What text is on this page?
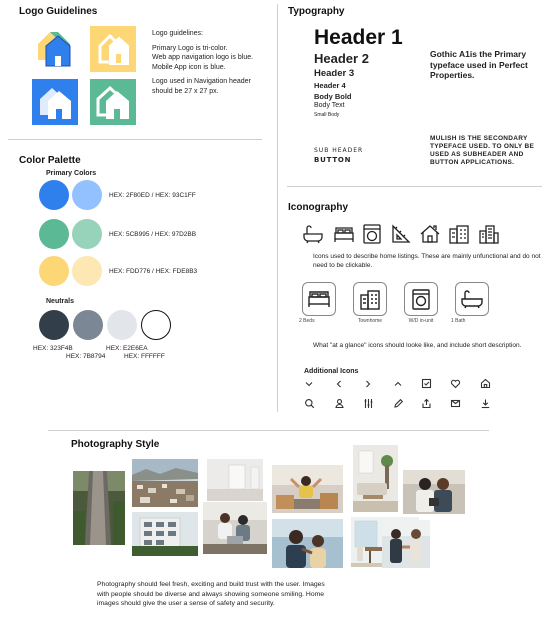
Logo Guidelines
Logo guidelines:
Primary Logo is tri-color.
Web app navigation logo is blue.
Mobile App icon is blue.
Logo used in Navigation header
should be 27 x 27 px.
Color Palette
Primary Colors
HEX: 2F80ED / HEX: 93C1FF
HEX: 5CB995 / HEX: 97D2BB
HEX: FDD776 / HEX: FDE8B3
Neutrals
HEX: 323F4B
HEX: 7B8794
HEX: E2E6EA
HEX: FFFFFF
Typography
Header 1
Header 2
Header 3
Header 4
Body Bold
Body Text
Small Body
Gothic A1is the Primary typeface used in Perfect Properties.
SUB HEADER
BUTTON
MULISH IS THE SECONDARY TYPEFACE USED. TO ONLY BE USED AS SUBHEADER AND BUTTON APPLICATIONS.
Iconography
Icons used to describe home listings. These are mainly unfunctional and do not need to be clickable.
2 Beds	Townhome	W/D in-unit	1 Bath
What "at a glance" icons should looke like, and include short description.
Additional Icons
Photography Style
Photography should feel fresh, exciting and build trust with the user. Images with people should be diverse and always showing someone smiling. Home images should give the user a sense of safety and security.
